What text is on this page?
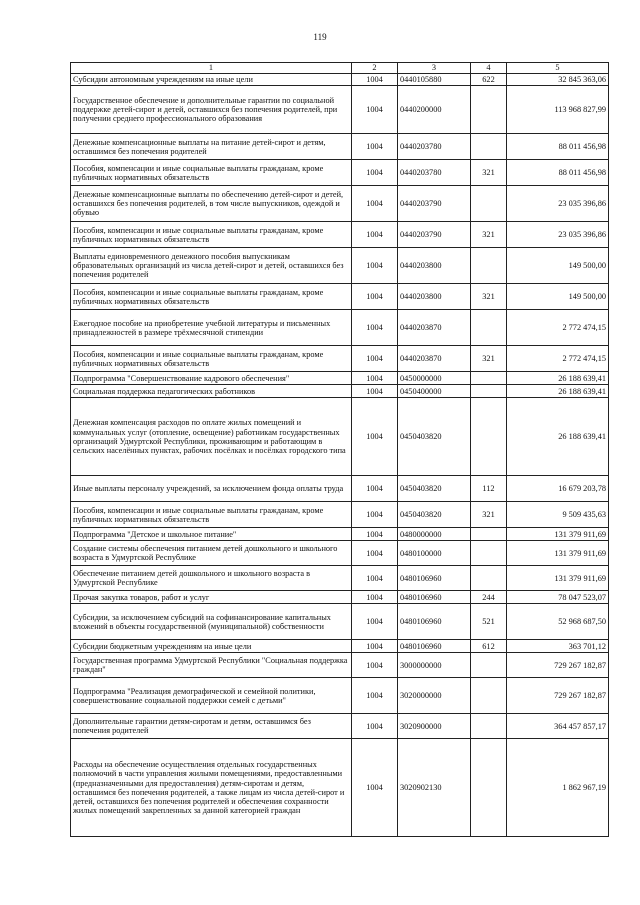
119
1	2	3	4	5
Субсидии автономным учреждениям на иные цели	1004	0440105880	622	32 845 363,06
Государственное обеспечение и дополнительные гарантии по социальной поддержке детей-сирот и детей, оставшихся без попечения родителей, при получении среднего профессионального образования	1004	0440200000		113 968 827,99
Денежные компенсационные выплаты на питание детей-сирот и детям, оставшимся без попечения родителей	1004	0440203780		88 011 456,98
Пособия, компенсации и иные социальные выплаты гражданам, кроме публичных нормативных обязательств	1004	0440203780	321	88 011 456,98
Денежные компенсационные выплаты по обеспечению детей-сирот и детей, оставшихся без попечения родителей, в том числе выпускников, одеждой и обувью	1004	0440203790		23 035 396,86
Пособия, компенсации и иные социальные выплаты гражданам, кроме публичных нормативных обязательств	1004	0440203790	321	23 035 396,86
Выплаты единовременного денежного пособия выпускникам образовательных организаций из числа детей-сирот и детей, оставшихся без попечения родителей	1004	0440203800		149 500,00
Пособия, компенсации и иные социальные выплаты гражданам, кроме публичных нормативных обязательств	1004	0440203800	321	149 500,00
Ежегодное пособие на приобретение учебной литературы и письменных принадлежностей в размере трёхмесячной стипендии	1004	0440203870		2 772 474,15
Пособия, компенсации и иные социальные выплаты гражданам, кроме публичных нормативных обязательств	1004	0440203870	321	2 772 474,15
Подпрограмма "Совершенствование кадрового обеспечения"	1004	0450000000		26 188 639,41
Социальная поддержка педагогических работников	1004	0450400000		26 188 639,41
Денежная компенсация расходов по оплате жилых помещений и коммунальных услуг (отопление, освещение) работникам государственных организаций Удмуртской Республики, проживающим и работающим в сельских населённых пунктах, рабочих посёлках и посёлках городского типа	1004	0450403820		26 188 639,41
Иные выплаты персоналу учреждений, за исключением фонда оплаты труда	1004	0450403820	112	16 679 203,78
Пособия, компенсации и иные социальные выплаты гражданам, кроме публичных нормативных обязательств	1004	0450403820	321	9 509 435,63
Подпрограмма "Детское и школьное питание"	1004	0480000000		131 379 911,69
Создание системы обеспечения питанием детей дошкольного и школьного возраста в Удмуртской Республике	1004	0480100000		131 379 911,69
Обеспечение питанием детей дошкольного и школьного возраста в Удмуртской Республике	1004	0480106960		131 379 911,69
Прочая закупка товаров, работ и услуг	1004	0480106960	244	78 047 523,07
Субсидии, за исключением субсидий на софинансирование капитальных вложений в объекты государственной (муниципальной) собственности	1004	0480106960	521	52 968 687,50
Субсидии бюджетным учреждениям на иные цели	1004	0480106960	612	363 701,12
Государственная программа Удмуртской Республики "Социальная поддержка граждан"	1004	3000000000		729 267 182,87
Подпрограмма "Реализация демографической и семейной политики, совершенствование социальной поддержки семей с детьми"	1004	3020000000		729 267 182,87
Дополнительные гарантии детям-сиротам и детям, оставшимся без попечения родителей	1004	3020900000		364 457 857,17
Расходы на обеспечение осуществления отдельных государственных полномочий в части управления жилыми помещениями, предоставленными (предназначенными для предоставления) детям-сиротам и детям, оставшимся без попечения родителей, а также лицам из числа детей-сирот и детей, оставшихся без попечения родителей и обеспечения сохранности жилых помещений закрепленных за данной категорией граждан	1004	3020902130		1 862 967,19
